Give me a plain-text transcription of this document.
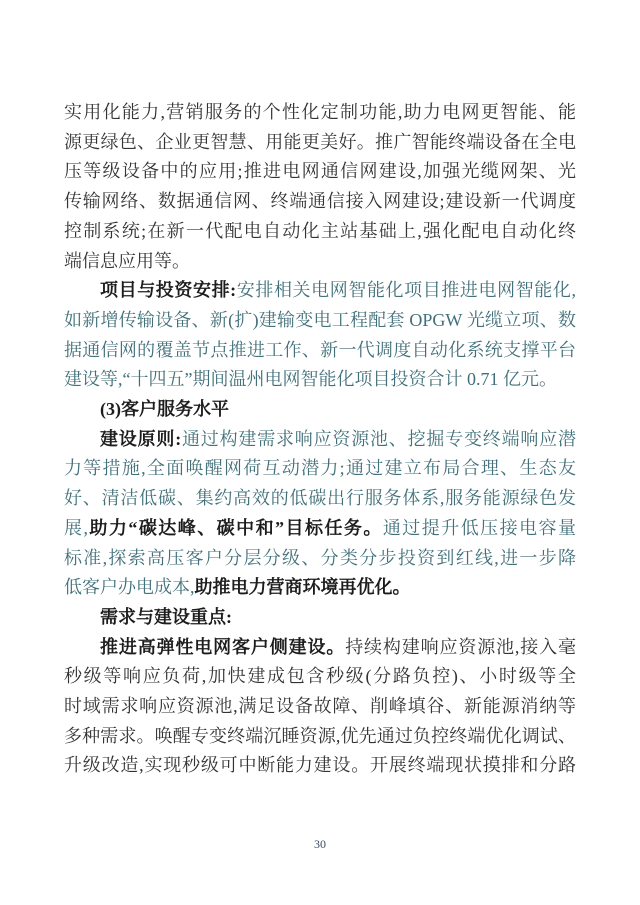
实用化能力,营销服务的个性化定制功能,助力电网更智能、能
源更绿色、企业更智慧、用能更美好。推广智能终端设备在全电
压等级设备中的应用;推进电网通信网建设,加强光缆网架、光
传输网络、数据通信网、终端通信接入网建设;建设新一代调度
控制系统;在新一代配电自动化主站基础上,强化配电自动化终
端信息应用等。
项目与投资安排:安排相关电网智能化项目推进电网智能化,
如新增传输设备、新(扩)建输变电工程配套 OPGW 光缆立项、数
据通信网的覆盖节点推进工作、新一代调度自动化系统支撑平台
建设等,“十四五”期间温州电网智能化项目投资合计 0.71 亿元。
(3)客户服务水平
建设原则:通过构建需求响应资源池、挖掘专变终端响应潜
力等措施,全面唤醒网荷互动潜力;通过建立布局合理、生态友
好、清洁低碳、集约高效的低碳出行服务体系,服务能源绿色发
展,助力“碳达峰、碳中和”目标任务。通过提升低压接电容量
标准,探索高压客户分层分级、分类分步投资到红线,进一步降
低客户办电成本,助推电力营商环境再优化。
需求与建设重点:
推进高弹性电网客户侧建设。持续构建响应资源池,接入毫
秒级等响应负荷,加快建成包含秒级(分路负控)、小时级等全
时域需求响应资源池,满足设备故障、削峰填谷、新能源消纳等
多种需求。唤醒专变终端沉睡资源,优先通过负控终端优化调试、
升级改造,实现秒级可中断能力建设。开展终端现状摸排和分路
30
